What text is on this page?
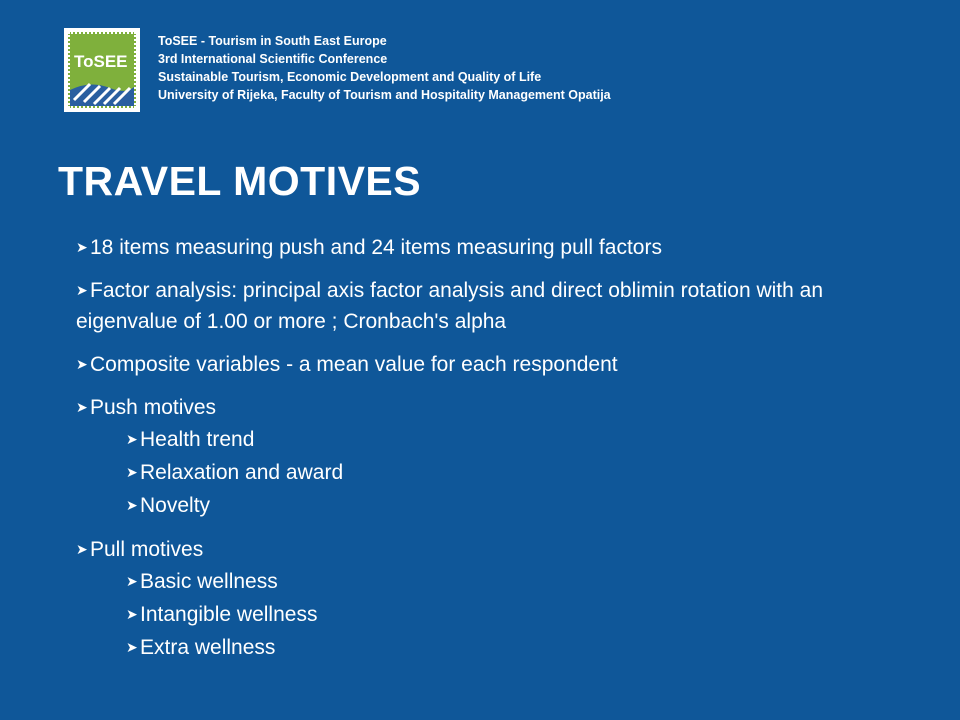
ToSEE
ToSEE - Tourism in South East Europe
3rd International Scientific Conference
Sustainable Tourism, Economic Development and Quality of Life
University of Rijeka, Faculty of Tourism and Hospitality Management Opatija
TRAVEL MOTIVES
➤ 18 items measuring push and 24 items measuring pull factors
➤ Factor analysis: principal axis factor analysis and direct oblimin rotation with an eigenvalue of 1.00 or more ; Cronbach's alpha
➤ Composite variables - a mean value for each respondent
➤ Push motives
➤ Health trend
➤ Relaxation and award
➤ Novelty
➤ Pull motives
➤ Basic wellness
➤ Intangible wellness
➤ Extra wellness
